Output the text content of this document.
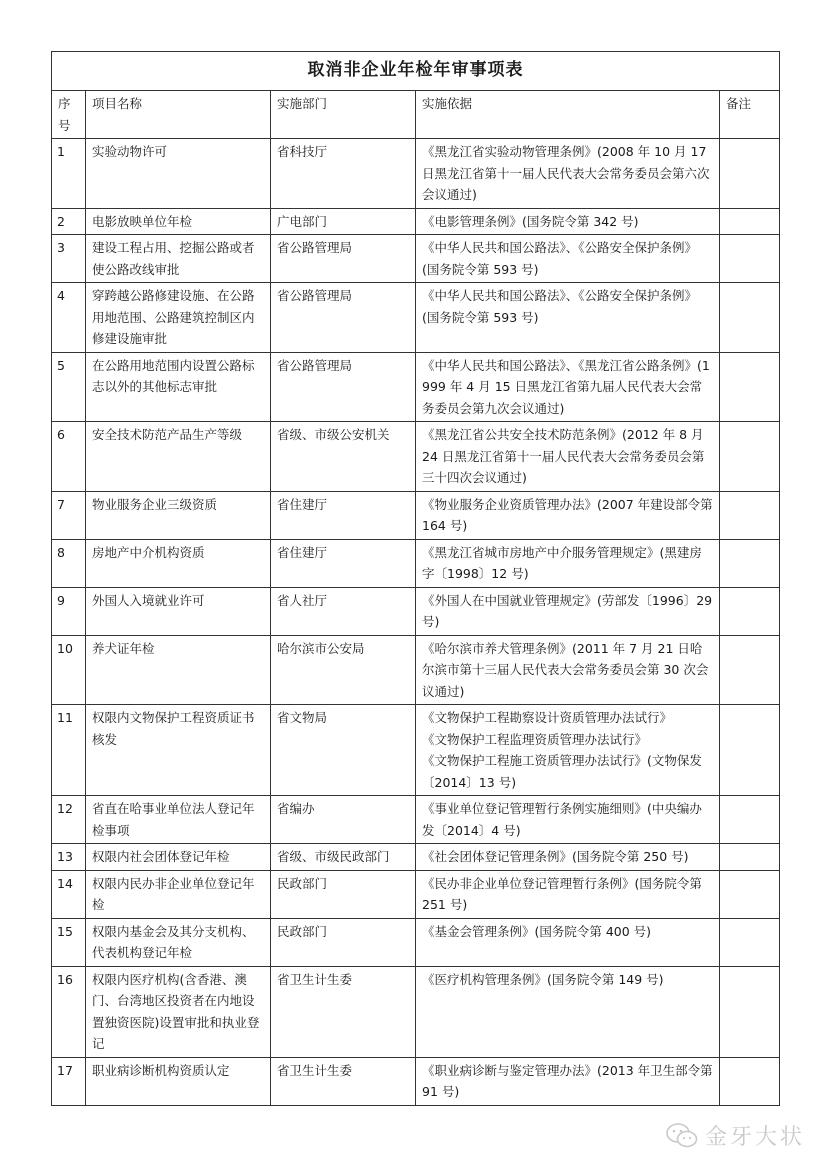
取消非企业年检年审事项表				
序号	项目名称	实施部门	实施依据	备注
1	实验动物许可	省科技厅	《黑龙江省实验动物管理条例》(2008 年 10 月 17 日黑龙江省第十一届人民代表大会常务委员会第六次会议通过)	
2	电影放映单位年检	广电部门	《电影管理条例》(国务院令第 342 号)	
3	建设工程占用、挖掘公路或者使公路改线审批	省公路管理局	《中华人民共和国公路法》、《公路安全保护条例》(国务院令第 593 号)	
4	穿跨越公路修建设施、在公路用地范围、公路建筑控制区内修建设施审批	省公路管理局	《中华人民共和国公路法》、《公路安全保护条例》(国务院令第 593 号)	
5	在公路用地范围内设置公路标志以外的其他标志审批	省公路管理局	《中华人民共和国公路法》、《黑龙江省公路条例》(1999 年 4 月 15 日黑龙江省第九届人民代表大会常务委员会第九次会议通过)	
6	安全技术防范产品生产等级	省级、市级公安机关	《黑龙江省公共安全技术防范条例》(2012 年 8 月 24 日黑龙江省第十一届人民代表大会常务委员会第三十四次会议通过)	
7	物业服务企业三级资质	省住建厅	《物业服务企业资质管理办法》(2007 年建设部令第 164 号)	
8	房地产中介机构资质	省住建厅	《黑龙江省城市房地产中介服务管理规定》(黑建房字〔1998〕12 号)	
9	外国人入境就业许可	省人社厅	《外国人在中国就业管理规定》(劳部发〔1996〕29 号)	
10	养犬证年检	哈尔滨市公安局	《哈尔滨市养犬管理条例》(2011 年 7 月 21 日哈尔滨市第十三届人民代表大会常务委员会第 30 次会议通过)	
11	权限内文物保护工程资质证书核发	省文物局	《文物保护工程勘察设计资质管理办法试行》
《文物保护工程监理资质管理办法试行》
《文物保护工程施工资质管理办法试行》(文物保发〔2014〕13 号)	

12	省直在哈事业单位法人登记年检事项	省编办	《事业单位登记管理暂行条例实施细则》(中央编办发〔2014〕4 号)	
13	权限内社会团体登记年检	省级、市级民政部门	《社会团体登记管理条例》(国务院令第 250 号)	
14	权限内民办非企业单位登记年检	民政部门	《民办非企业单位登记管理暂行条例》(国务院令第 251 号)	
15	权限内基金会及其分支机构、代表机构登记年检	民政部门	《基金会管理条例》(国务院令第 400 号)	
16	权限内医疗机构(含香港、澳门、台湾地区投资者在内地设置独资医院)设置审批和执业登记	省卫生计生委	《医疗机构管理条例》(国务院令第 149 号)	
17	职业病诊断机构资质认定	省卫生计生委	《职业病诊断与鉴定管理办法》(2013 年卫生部令第 91 号)	
金牙大状
